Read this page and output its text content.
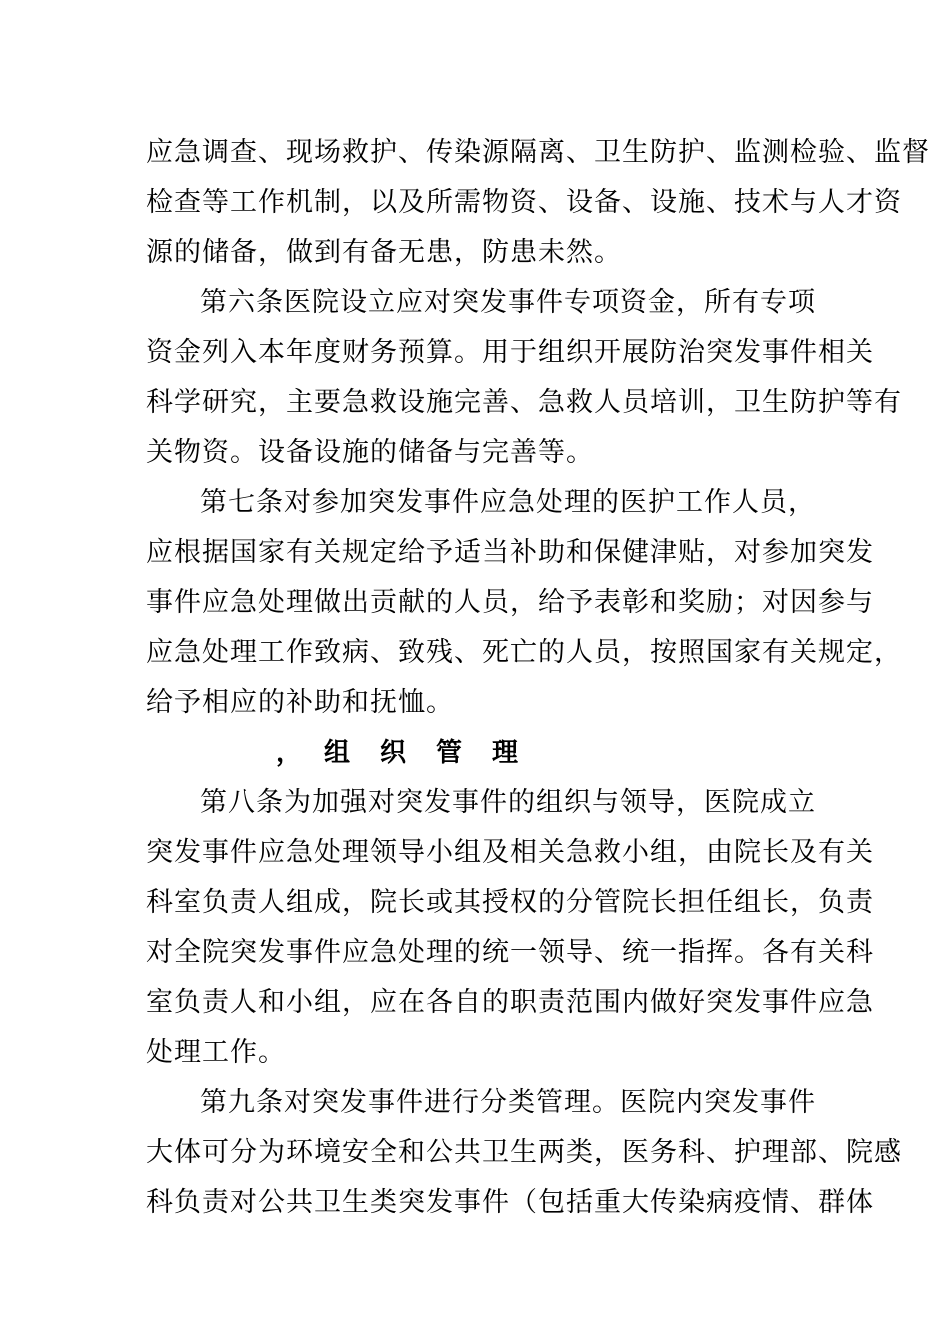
应急调查、现场救护、传染源隔离、卫生防护、监测检验、监督
检查等工作机制，以及所需物资、设备、设施、技术与人才资
源的储备，做到有备无患，防患未然。
第六条 医院设立应对突发事件专项资金，所有专项
资金列入本年度财务预算。用于组织开展防治突发事件相关
科学研究，主要急救设施完善、急救人员培训，卫生防护等有
关物资。设备设施的储备与完善等。
第七条 对参加突发事件应急处理的医护工作人员，
应根据国家有关规定给予适当补助和保健津贴，对参加突发
事件应急处理做出贡献的人员，给予表彰和奖励；对因参与
应急处理工作致病、致残、死亡的人员，按照国家有关规定，
给予相应的补助和抚恤。
， 组织管理
第八条 为加强对突发事件的组织与领导，医院成立
突发事件应急处理领导小组及相关急救小组，由院长及有关
科室负责人组成，院长或其授权的分管院长担任组长，负责
对全院突发事件应急处理的统一领导、统一指挥。各有关科
室负责人和小组，应在各自的职责范围内做好突发事件应急
处理工作。
第九条 对突发事件进行分类管理。医院内突发事件
大体可分为环境安全和公共卫生两类，医务科、护理部、院感
科负责对公共卫生类突发事件（包括重大传染病疫情、群体
